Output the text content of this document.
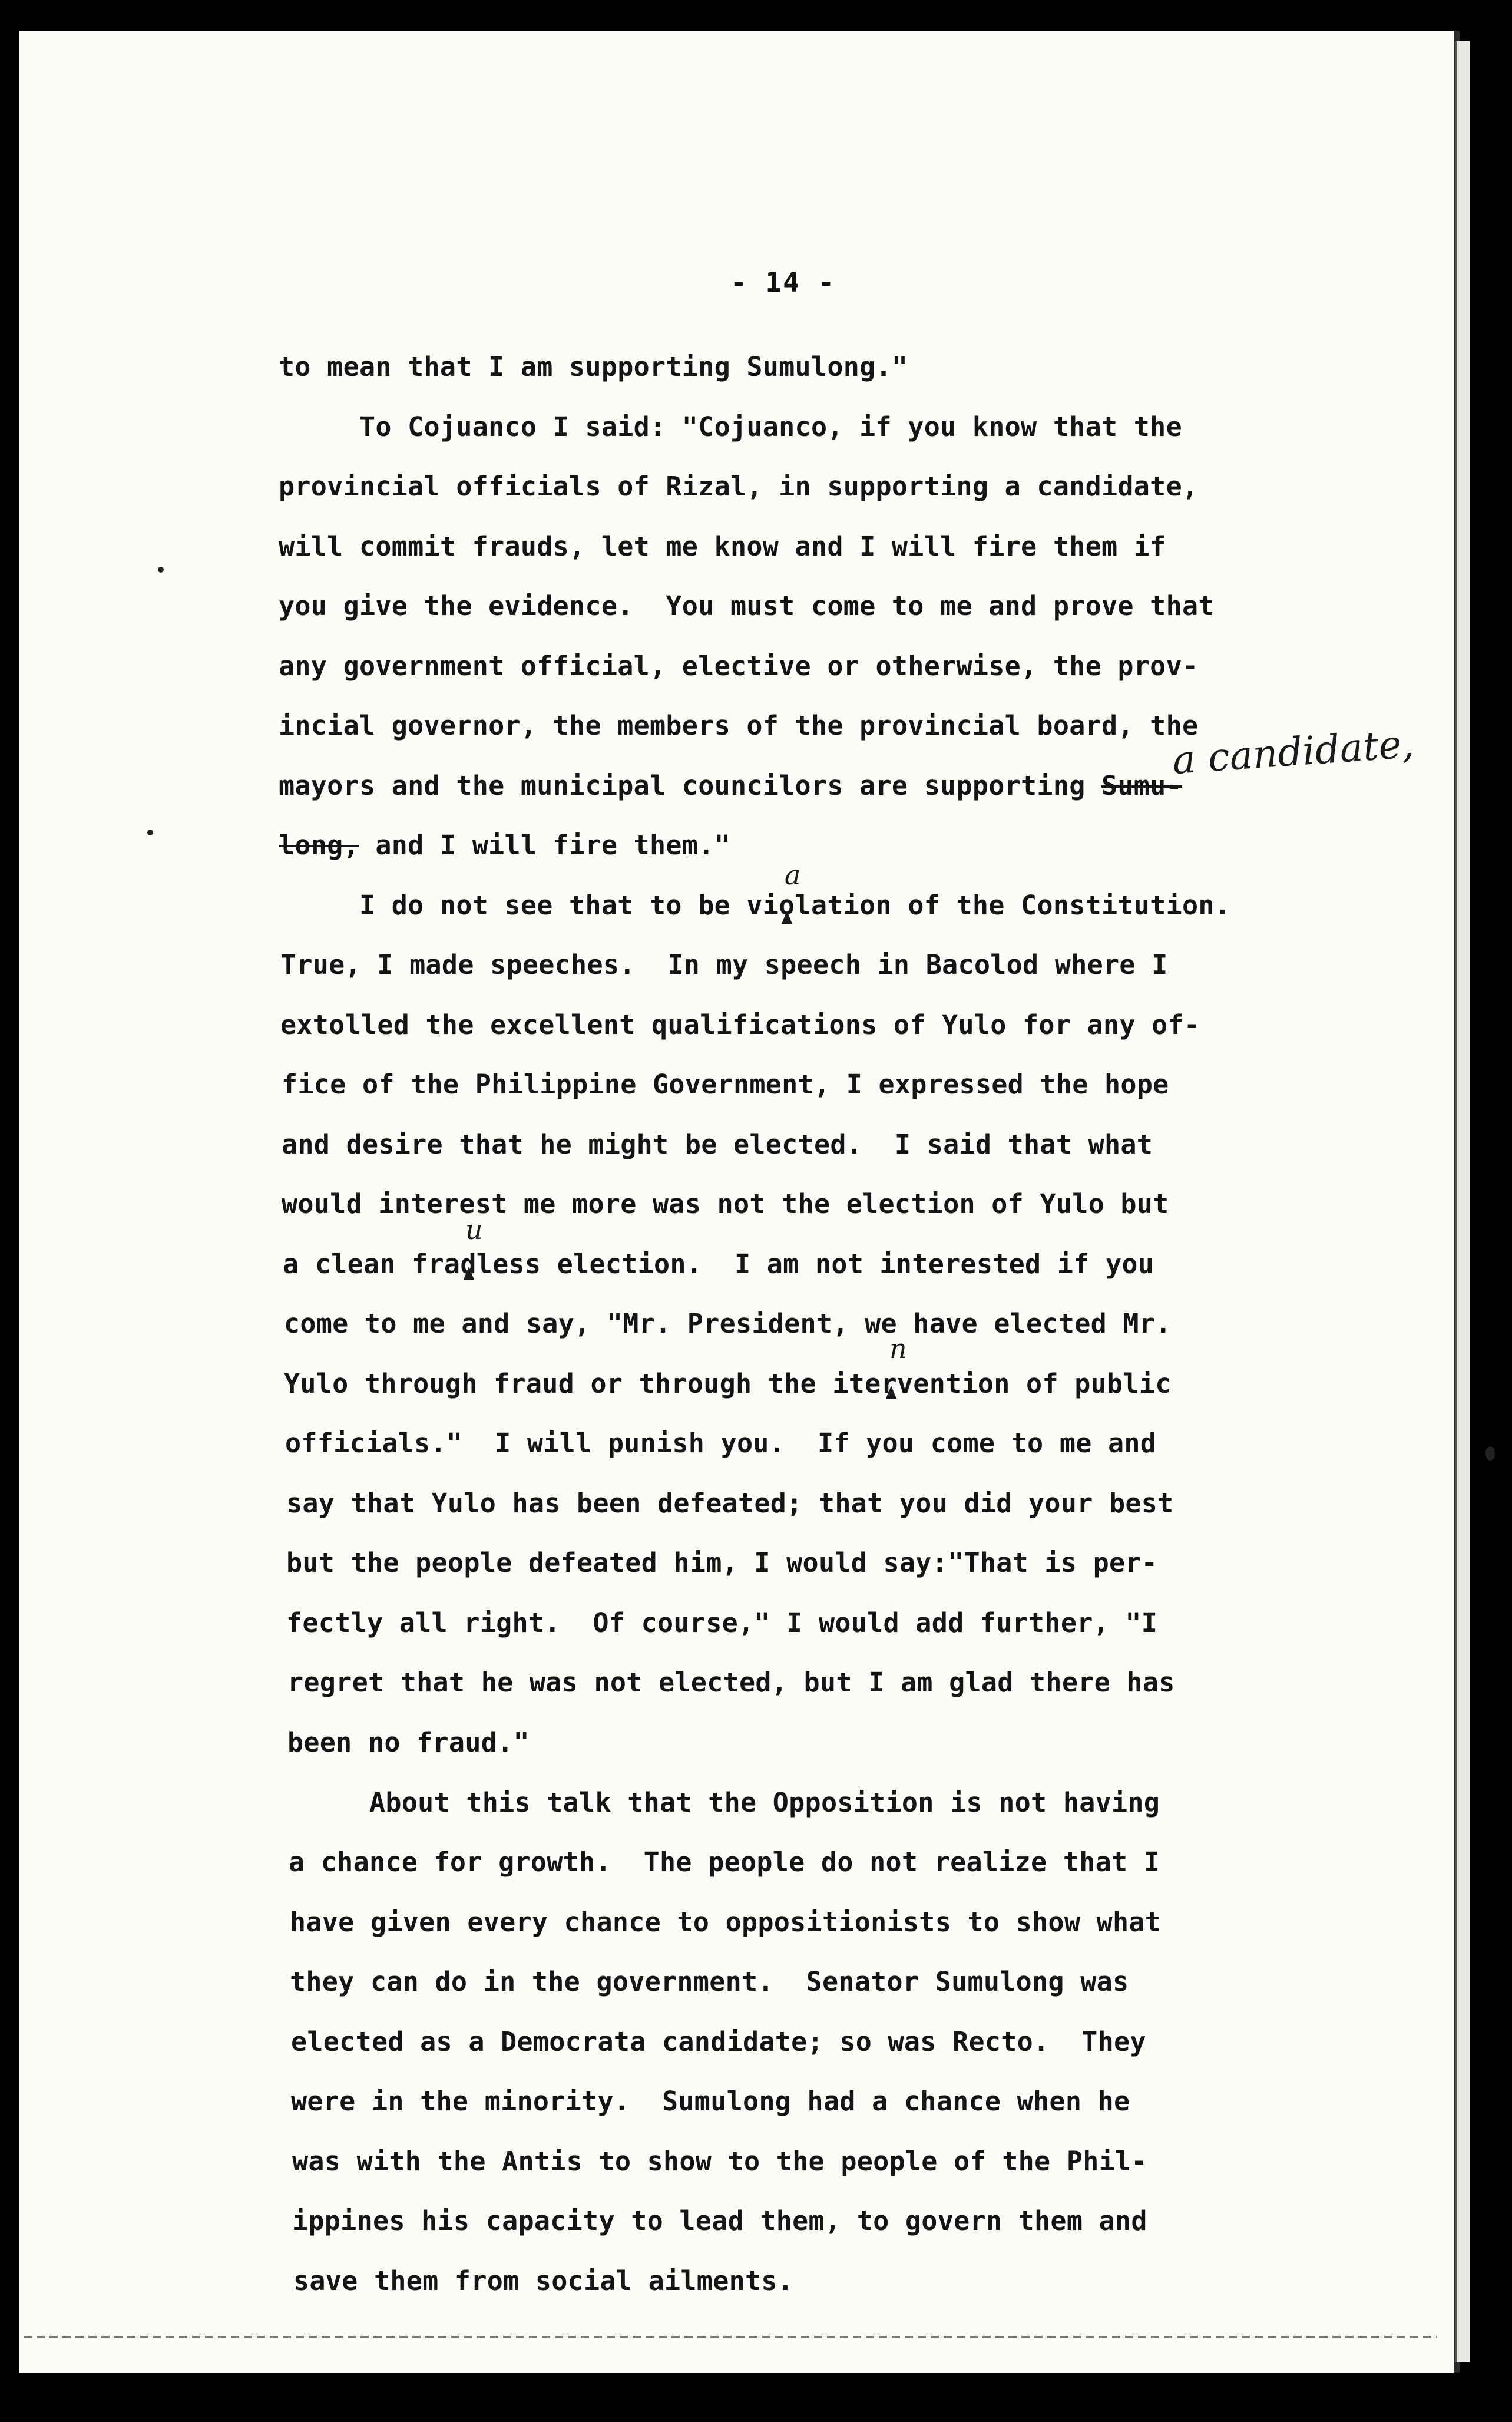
- 14 -
to mean that I am supporting Sumulong."
To Cojuanco I said: "Cojuanco, if you know that the
provincial officials of Rizal, in supporting a candidate,
will commit frauds, let me know and I will fire them if
you give the evidence.  You must come to me and prove that
any government official, elective or otherwise, the prov-
incial governor, the members of the provincial board, the
mayors and the municipal councilors are supporting Sumu-
long, and I will fire them."
I do not see that to be violation of the Constitution.
True, I made speeches.  In my speech in Bacolod where I
extolled the excellent qualifications of Yulo for any of-
fice of the Philippine Government, I expressed the hope
and desire that he might be elected.  I said that what
would interest me more was not the election of Yulo but
a clean fradless election.  I am not interested if you
come to me and say, "Mr. President, we have elected Mr.
Yulo through fraud or through the itervention of public
officials."  I will punish you.  If you come to me and
say that Yulo has been defeated; that you did your best
but the people defeated him, I would say:"That is per-
fectly all right.  Of course," I would add further, "I
regret that he was not elected, but I am glad there has
been no fraud."
About this talk that the Opposition is not having
a chance for growth.  The people do not realize that I
have given every chance to oppositionists to show what
they can do in the government.  Senator Sumulong was
elected as a Democrata candidate; so was Recto.  They
were in the minority.  Sumulong had a chance when he
was with the Antis to show to the people of the Phil-
ippines his capacity to lead them, to govern them and
save them from social ailments.
a candidate,
a
u
n
